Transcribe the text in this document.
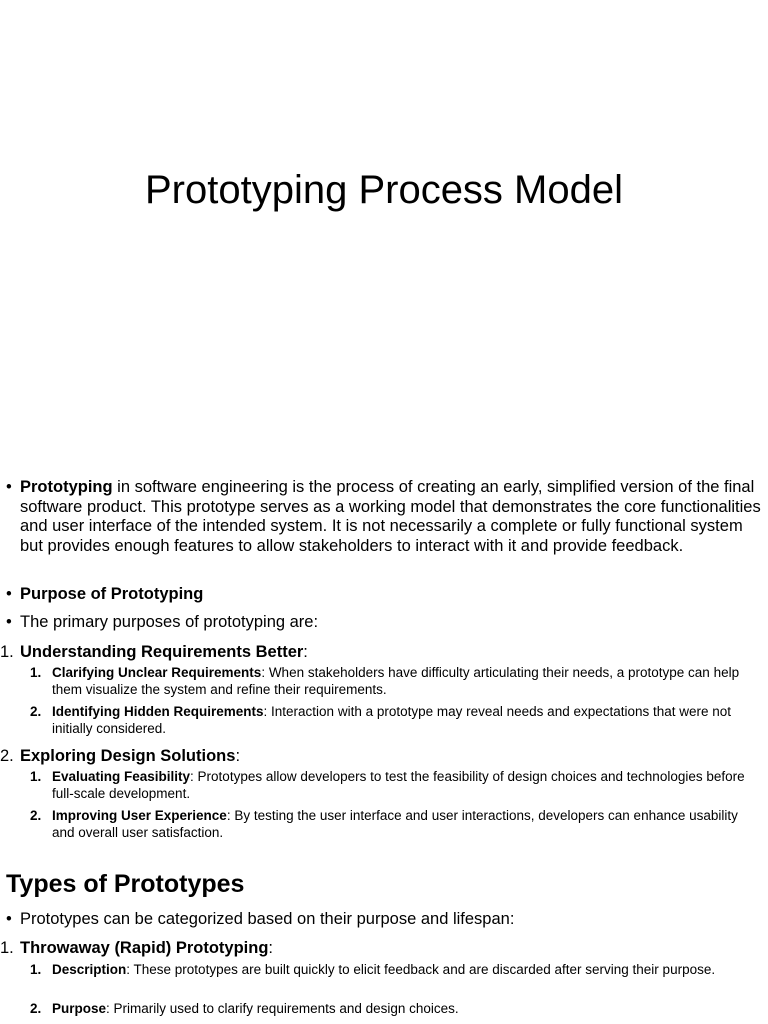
Prototyping Process Model
• Prototyping in software engineering is the process of creating an early, simplified version of the final software product. This prototype serves as a working model that demonstrates the core functionalities and user interface of the intended system. It is not necessarily a complete or fully functional system but provides enough features to allow stakeholders to interact with it and provide feedback.
• Purpose of Prototyping
• The primary purposes of prototyping are:
1. Understanding Requirements Better:
1. Clarifying Unclear Requirements: When stakeholders have difficulty articulating their needs, a prototype can help them visualize the system and refine their requirements.
2. Identifying Hidden Requirements: Interaction with a prototype may reveal needs and expectations that were not initially considered.
2. Exploring Design Solutions:
1. Evaluating Feasibility: Prototypes allow developers to test the feasibility of design choices and technologies before full-scale development.
2. Improving User Experience: By testing the user interface and user interactions, developers can enhance usability and overall user satisfaction.
Types of Prototypes
• Prototypes can be categorized based on their purpose and lifespan:
1. Throwaway (Rapid) Prototyping:
1. Description: These prototypes are built quickly to elicit feedback and are discarded after serving their purpose.
2. Purpose: Primarily used to clarify requirements and design choices.
